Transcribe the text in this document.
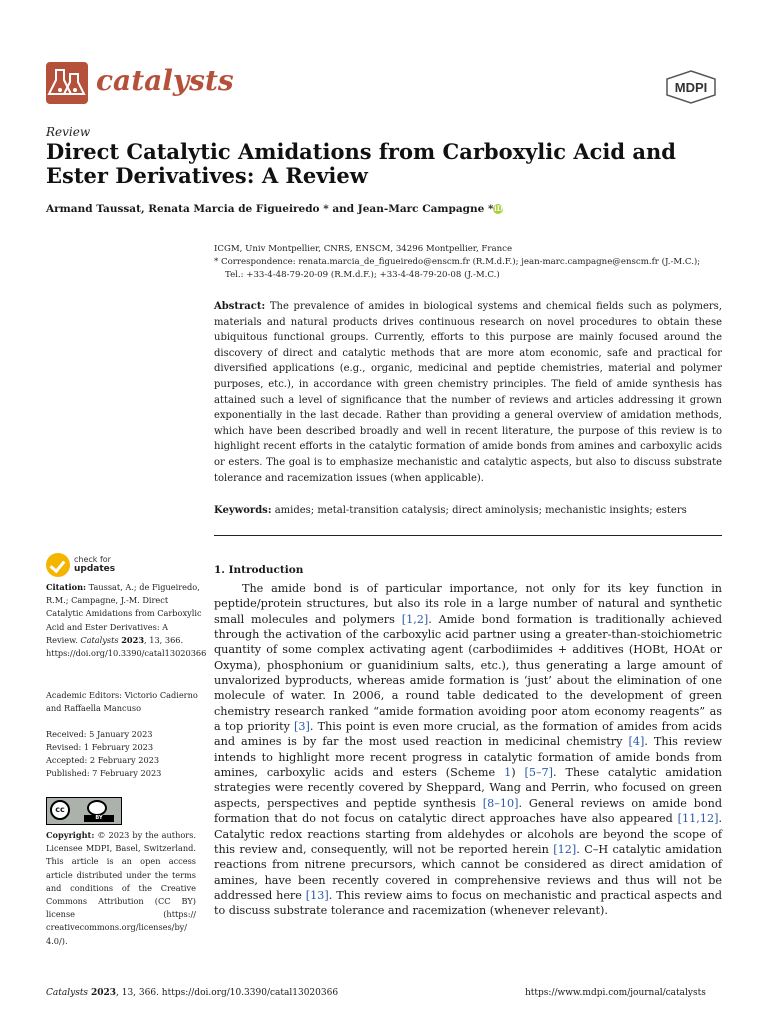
catalysts	MDPI

Review

Direct Catalytic Amidations from Carboxylic Acid and Ester Derivatives: A Review

Armand Taussat, Renata Marcia de Figueiredo * and Jean-Marc Campagne *iD

ICGM, Univ Montpellier, CNRS, ENSCM, 34296 Montpellier, France

* Correspondence: renata.marcia_de_figueiredo@enscm.fr (R.M.d.F.); jean-marc.campagne@enscm.fr (J.-M.C.);

Tel.: +33-4-48-79-20-09 (R.M.d.F.); +33-4-48-79-20-08 (J.-M.C.)

Abstract: The prevalence of amides in biological systems and chemical fields such as polymers, materials and natural products drives continuous research on novel procedures to obtain these ubiquitous functional groups. Currently, efforts to this purpose are mainly focused around the discovery of direct and catalytic methods that are more atom economic, safe and practical for diversified applications (e.g., organic, medicinal and peptide chemistries, material and polymer purposes, etc.), in accordance with green chemistry principles. The field of amide synthesis has attained such a level of significance that the number of reviews and articles addressing it grown exponentially in the last decade. Rather than providing a general overview of amidation methods, which have been described broadly and well in recent literature, the purpose of this review is to highlight recent efforts in the catalytic formation of amide bonds from amines and carboxylic acids or esters. The goal is to emphasize mechanistic and catalytic aspects, but also to discuss substrate tolerance and racemization issues (when applicable).

Keywords: amides; metal-transition catalysis; direct aminolysis; mechanistic insights; esters

check for
updates

Citation: Taussat, A.; de Figueiredo, R.M.; Campagne, J.-M. Direct Catalytic Amidations from Carboxylic Acid and Ester Derivatives: A Review. Catalysts 2023, 13, 366. https://doi.org/10.3390/catal13020366

Academic Editors: Victorio Cadierno and Raffaella Mancuso

Received: 5 January 2023

Revised: 1 February 2023

Accepted: 2 February 2023

Published: 7 February 2023

cc
BY

Copyright: © 2023 by the authors. Licensee MDPI, Basel, Switzerland. This article is an open access article distributed under the terms and conditions of the Creative Commons Attribution (CC BY) license (https:// creativecommons.org/licenses/by/ 4.0/).

1. Introduction

The amide bond is of particular importance, not only for its key function in peptide/protein structures, but also its role in a large number of natural and synthetic small molecules and polymers [1,2]. Amide bond formation is traditionally achieved through the activation of the carboxylic acid partner using a greater-than-stoichiometric quantity of some complex activating agent (carbodiimides + additives (HOBt, HOAt or Oxyma), phosphonium or guanidinium salts, etc.), thus generating a large amount of unvalorized byproducts, whereas amide formation is ‘just’ about the elimination of one molecule of water. In 2006, a round table dedicated to the development of green chemistry research ranked “amide formation avoiding poor atom economy reagents” as a top priority [3]. This point is even more crucial, as the formation of amides from acids and amines is by far the most used reaction in medicinal chemistry [4]. This review intends to highlight more recent progress in catalytic formation of amide bonds from amines, carboxylic acids and esters (Scheme 1) [5–7]. These catalytic amidation strategies were recently covered by Sheppard, Wang and Perrin, who focused on green aspects, perspectives and peptide synthesis [8–10]. General reviews on amide bond formation that do not focus on catalytic direct approaches have also appeared [11,12]. Catalytic redox reactions starting from aldehydes or alcohols are beyond the scope of this review and, consequently, will not be reported herein [12]. C–H catalytic amidation reactions from nitrene precursors, which cannot be considered as direct amidation of amines, have been recently covered in comprehensive reviews and thus will not be addressed here [13]. This review aims to focus on mechanistic and practical aspects and to discuss substrate tolerance and racemization (whenever relevant).

Catalysts 2023, 13, 366. https://doi.org/10.3390/catal13020366	https://www.mdpi.com/journal/catalysts
